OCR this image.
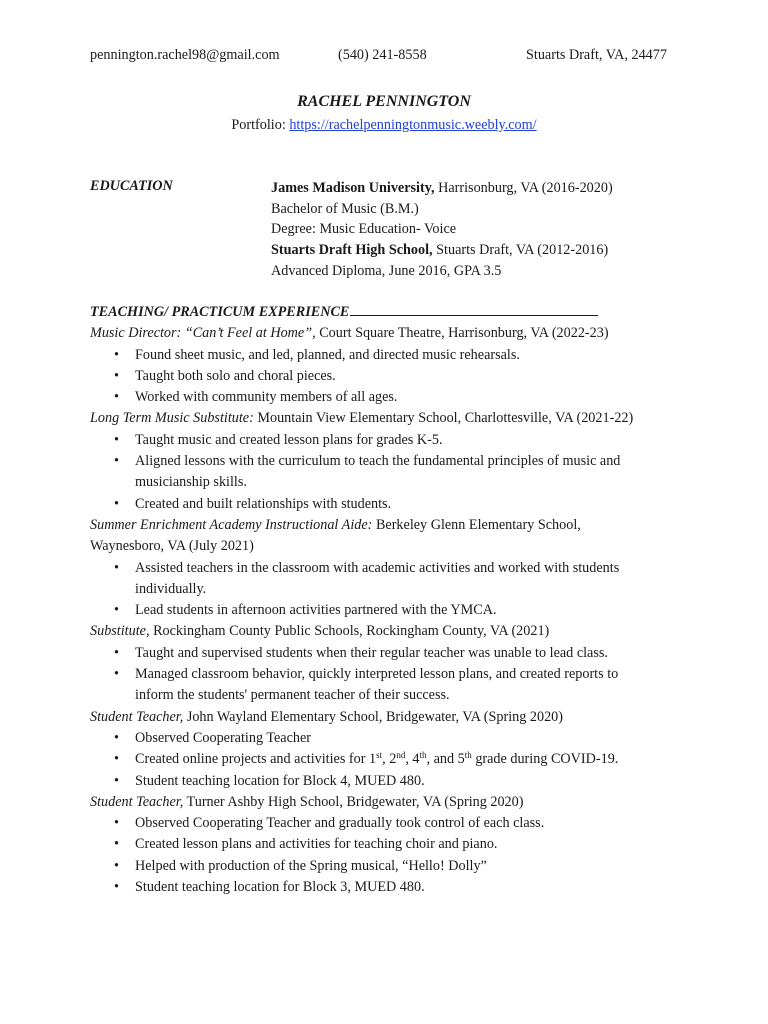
pennington.rachel98@gmail.com	(540) 241-8558	Stuarts Draft, VA, 24477
RACHEL PENNINGTON
Portfolio: https://rachelpenningtonmusic.weebly.com/
EDUCATION	James Madison University, Harrisonburg, VA (2016-2020)
Bachelor of Music (B.M.)
Degree: Music Education- Voice
Stuarts Draft High School, Stuarts Draft, VA (2012-2016)
Advanced Diploma, June 2016, GPA 3.5
TEACHING/ PRACTICUM EXPERIENCE
Music Director: “Can’t Feel at Home”, Court Square Theatre, Harrisonburg, VA (2022-23)
• Found sheet music, and led, planned, and directed music rehearsals.
• Taught both solo and choral pieces.
• Worked with community members of all ages.
Long Term Music Substitute: Mountain View Elementary School, Charlottesville, VA (2021-22)
• Taught music and created lesson plans for grades K-5.
• Aligned lessons with the curriculum to teach the fundamental principles of music and musicianship skills.
• Created and built relationships with students.
Summer Enrichment Academy Instructional Aide: Berkeley Glenn Elementary School, Waynesboro, VA (July 2021)
• Assisted teachers in the classroom with academic activities and worked with students individually.
• Lead students in afternoon activities partnered with the YMCA.
Substitute, Rockingham County Public Schools, Rockingham County, VA (2021)
• Taught and supervised students when their regular teacher was unable to lead class.
• Managed classroom behavior, quickly interpreted lesson plans, and created reports to inform the students' permanent teacher of their success.
Student Teacher, John Wayland Elementary School, Bridgewater, VA (Spring 2020)
• Observed Cooperating Teacher
• Created online projects and activities for 1st, 2nd, 4th, and 5th grade during COVID-19.
• Student teaching location for Block 4, MUED 480.
Student Teacher, Turner Ashby High School, Bridgewater, VA (Spring 2020)
• Observed Cooperating Teacher and gradually took control of each class.
• Created lesson plans and activities for teaching choir and piano.
• Helped with production of the Spring musical, “Hello! Dolly”
• Student teaching location for Block 3, MUED 480.
